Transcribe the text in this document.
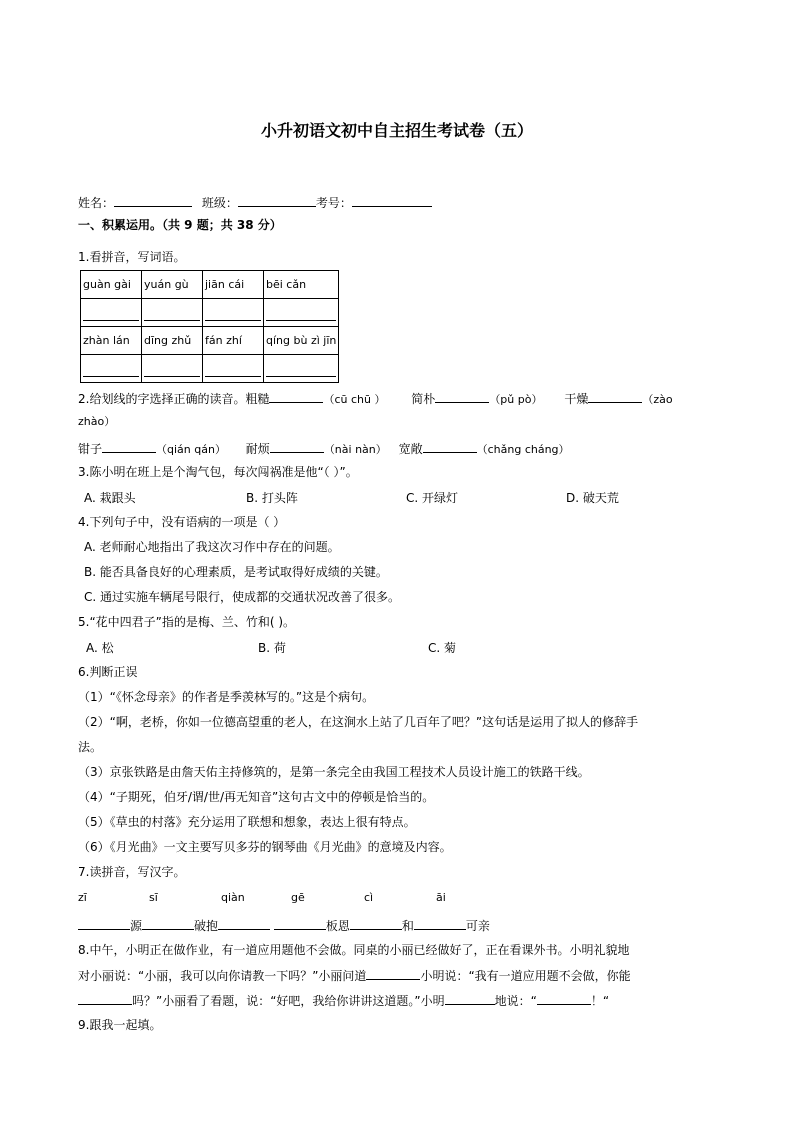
小升初语文初中自主招生考试卷（五）
姓名：	班级：	考号：
一、积累运用。（共 9 题；共 38 分）
1.看拼音，写词语。
guàn gài	yuán gù	jiān cái	bēi cǎn

zhàn lán	dīng zhǔ	fán zhí	qíng bù zì jīn

2.给划线的字选择正确的读音。粗糙	（cū chū ） 简朴	（pǔ pò） 干燥	（zào
zhào）
钳子	（qián qán） 耐烦	（nài nàn） 宽敞	（chǎng cháng）
3.陈小明在班上是个淘气包，每次闯祸准是他“（ ）”。
A. 栽跟头	B. 打头阵	C. 开绿灯	D. 破天荒
4.下列句子中，没有语病的一项是（ ）
A. 老师耐心地指出了我这次习作中存在的问题。
B. 能否具备良好的心理素质，是考试取得好成绩的关键。
C. 通过实施车辆尾号限行，使成都的交通状况改善了很多。
5.“花中四君子”指的是梅、兰、竹和( )。
A. 松	B. 荷	C. 菊
6.判断正误
（1）“《怀念母亲》的作者是季羡林写的。”这是个病句。
（2）“啊，老桥，你如一位德高望重的老人，在这涧水上站了几百年了吧？”这句话是运用了拟人的修辞手
法。
（3）京张铁路是由詹天佑主持修筑的，是第一条完全由我国工程技术人员设计施工的铁路干线。
（4）“子期死，伯牙/谓/世/再无知音”这句古文中的停顿是恰当的。
（5）《草虫的村落》充分运用了联想和想象，表达上很有特点。
（6）《月光曲》一文主要写贝多芬的钢琴曲《月光曲》的意境及内容。
7.读拼音，写汉字。
zī	sī	qiàn	gē	cì	āi
源	破抱	板恩	和	可亲
8.中午，小明正在做作业，有一道应用题他不会做。同桌的小丽已经做好了，正在看课外书。小明礼貌地
对小丽说：“小丽，我可以向你请教一下吗？”小丽问道	小明说：“我有一道应用题不会做，你能
吗？”小丽看了看题，说：“好吧，我给你讲讲这道题。”小明	地说：“	！“
9.跟我一起填。
